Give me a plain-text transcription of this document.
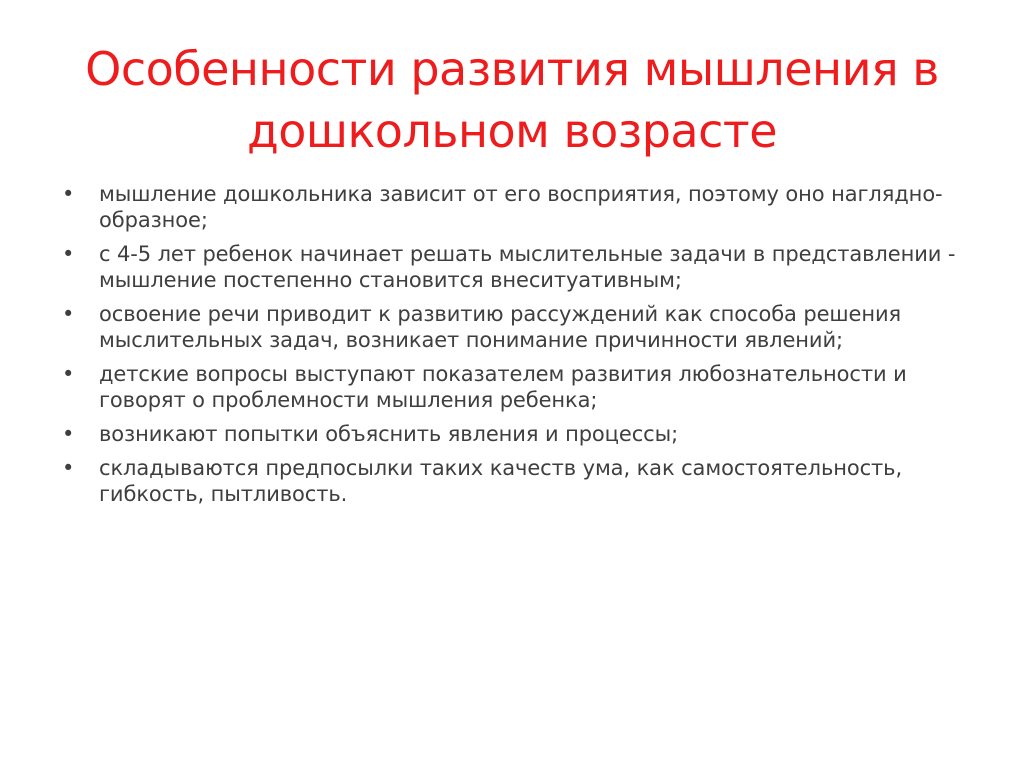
Особенности развития мышления в дошкольном возрасте
• мышление дошкольника зависит от его восприятия, поэтому оно наглядно-образное;
• с 4-5 лет ребенок начинает решать мыслительные задачи в представлении - мышление постепенно становится внеситуативным;
• освоение речи приводит к развитию рассуждений как способа решения мыслительных задач, возникает понимание причинности явлений;
• детские вопросы выступают показателем развития любознательности и говорят о проблемности мышления ребенка;
• возникают попытки объяснить явления и процессы;
• складываются предпосылки таких качеств ума, как самостоятельность, гибкость, пытливость.
